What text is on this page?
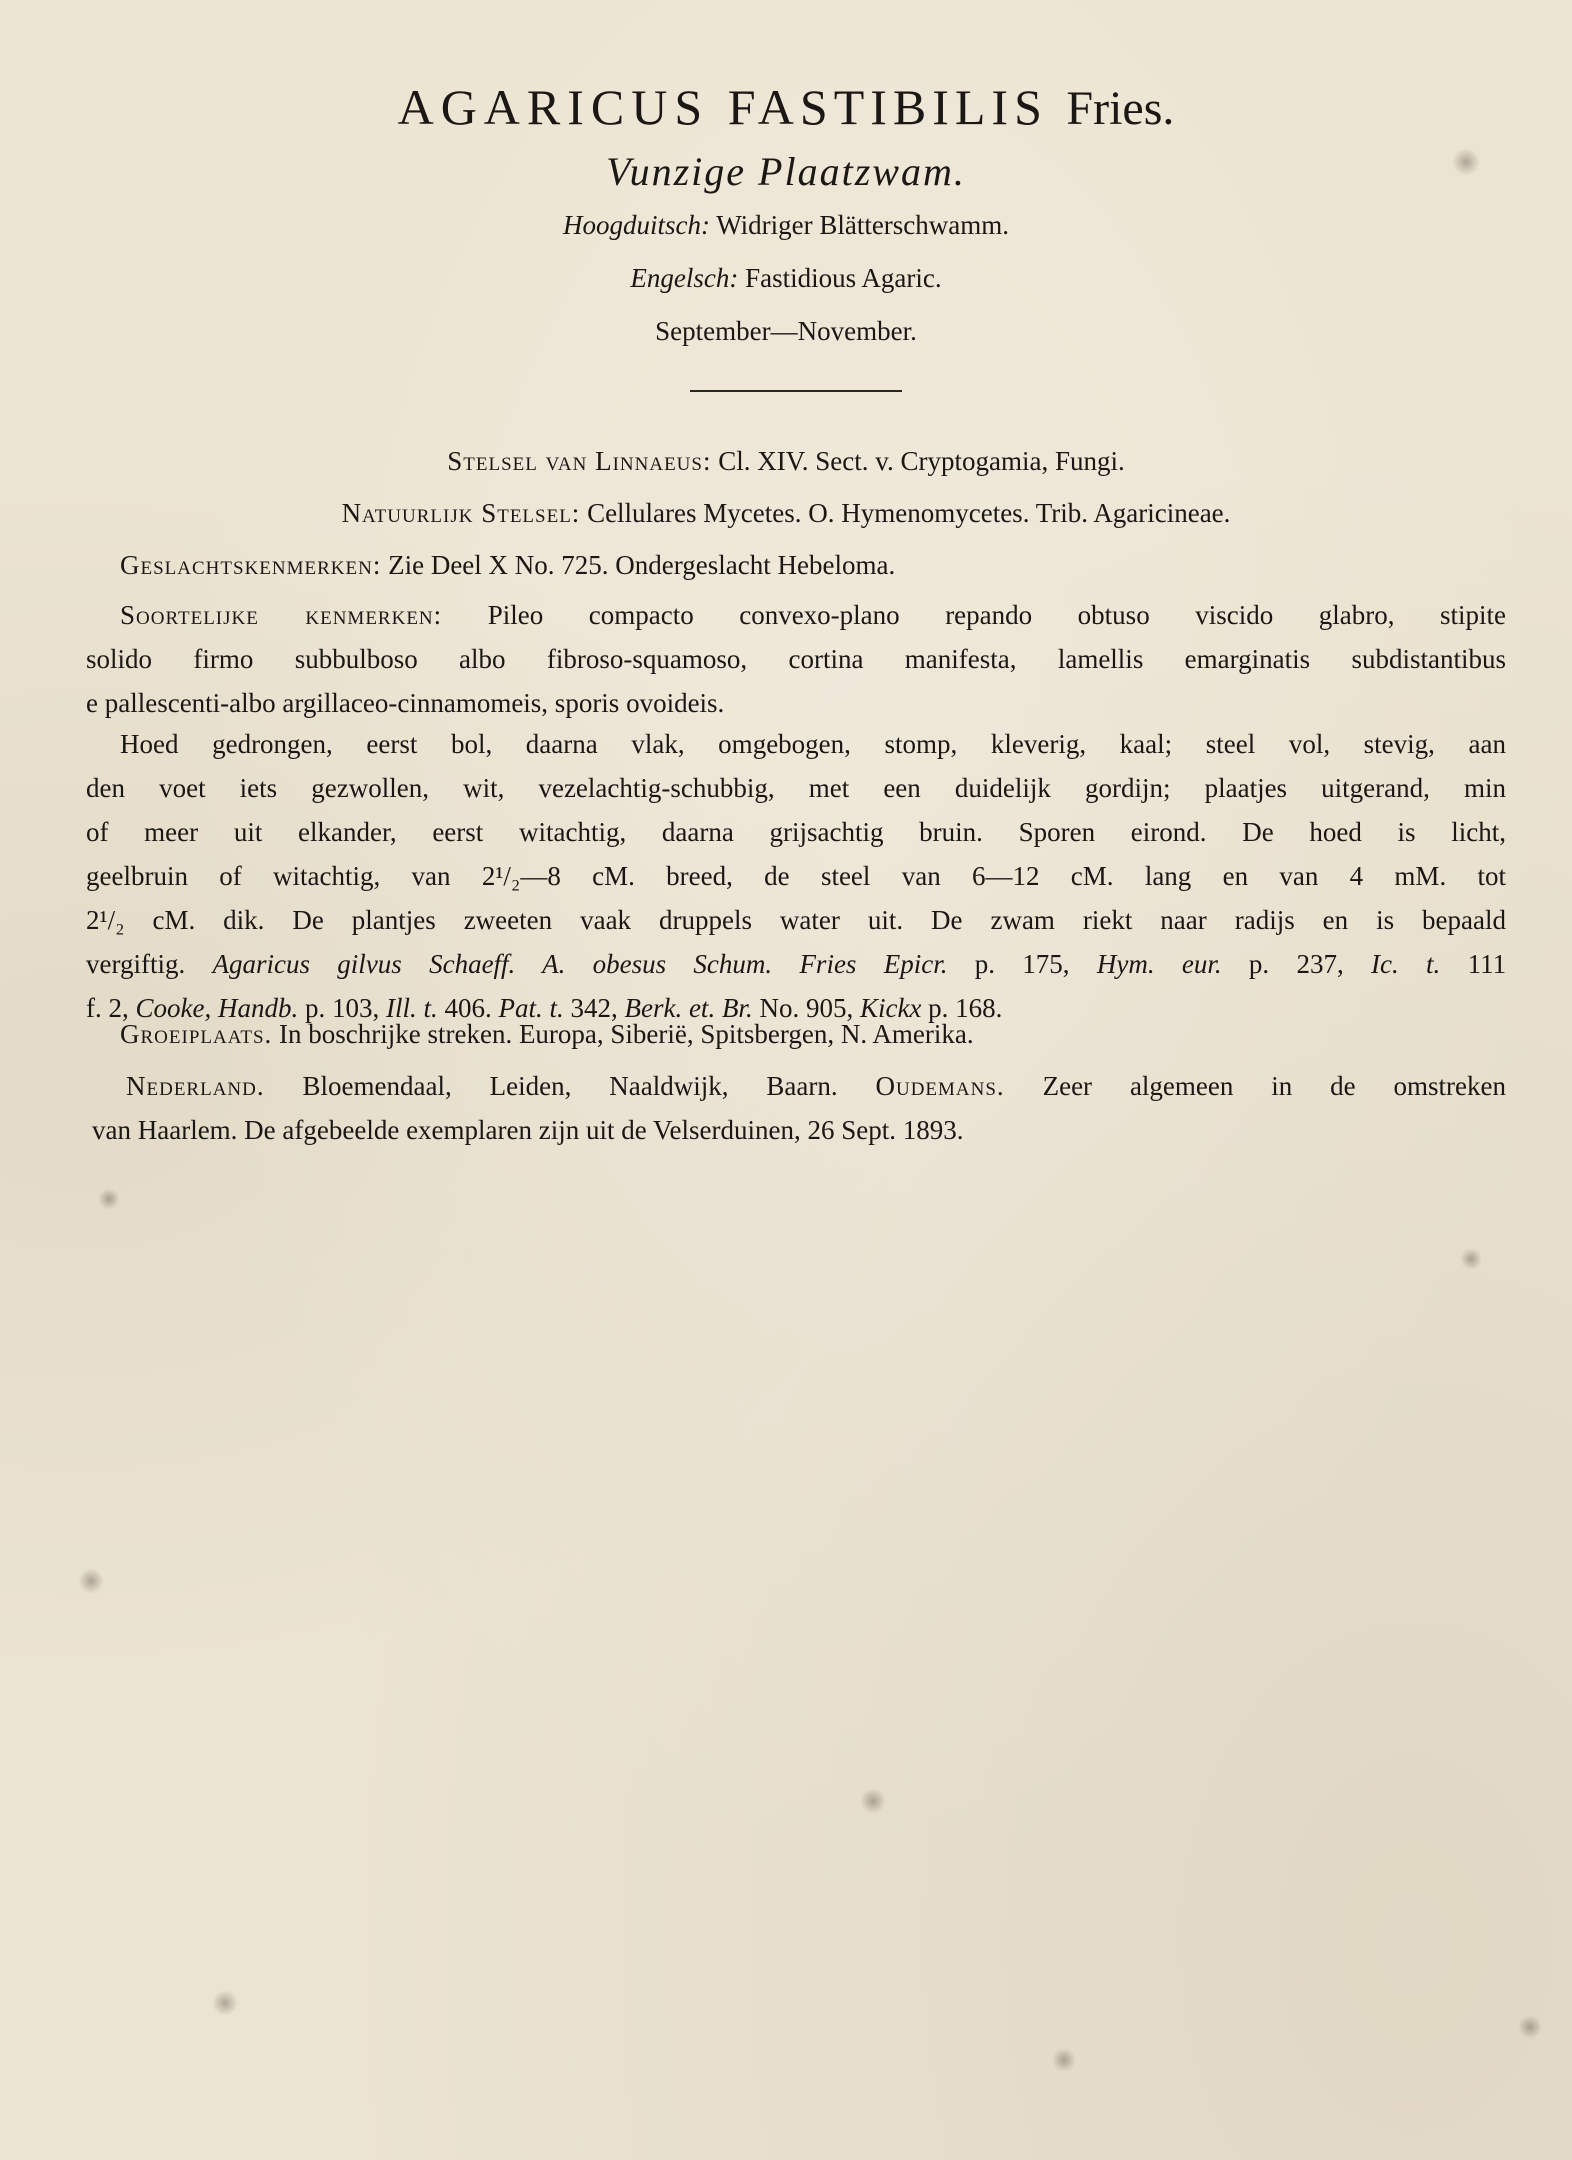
AGARICUS FASTIBILIS Fries.
Vunzige Plaatzwam.
Hoogduitsch: Widriger Blätterschwamm.
Engelsch: Fastidious Agaric.
September—November.
Stelsel van Linnaeus: Cl. XIV. Sect. v. Cryptogamia, Fungi.
Natuurlijk Stelsel: Cellulares Mycetes. O. Hymenomycetes. Trib. Agaricineae.
Geslachtskenmerken: Zie Deel X No. 725. Ondergeslacht Hebeloma.
Soortelijke kenmerken: Pileo compacto convexo-plano repando obtuso viscido glabro, stipite
solido firmo subbulboso albo fibroso-squamoso, cortina manifesta, lamellis emarginatis subdistantibus
e pallescenti-albo argillaceo-cinnamomeis, sporis ovoideis.
Hoed gedrongen, eerst bol, daarna vlak, omgebogen, stomp, kleverig, kaal; steel vol, stevig, aan
den voet iets gezwollen, wit, vezelachtig-schubbig, met een duidelijk gordijn; plaatjes uitgerand, min
of meer uit elkander, eerst witachtig, daarna grijsachtig bruin. Sporen eirond. De hoed is licht,
geelbruin of witachtig, van 2¹/₂—8 cM. breed, de steel van 6—12 cM. lang en van 4 mM. tot
2¹/₂ cM. dik. De plantjes zweeten vaak druppels water uit. De zwam riekt naar radijs en is bepaald
vergiftig. Agaricus gilvus Schaeff. A. obesus Schum. Fries Epicr. p. 175, Hym. eur. p. 237, Ic. t. 111
f. 2, Cooke, Handb. p. 103, Ill. t. 406. Pat. t. 342, Berk. et. Br. No. 905, Kickx p. 168.
Groeiplaats. In boschrijke streken. Europa, Siberië, Spitsbergen, N. Amerika.
Nederland. Bloemendaal, Leiden, Naaldwijk, Baarn. Oudemans. Zeer algemeen in de omstreken
van Haarlem. De afgebeelde exemplaren zijn uit de Velserduinen, 26 Sept. 1893.
